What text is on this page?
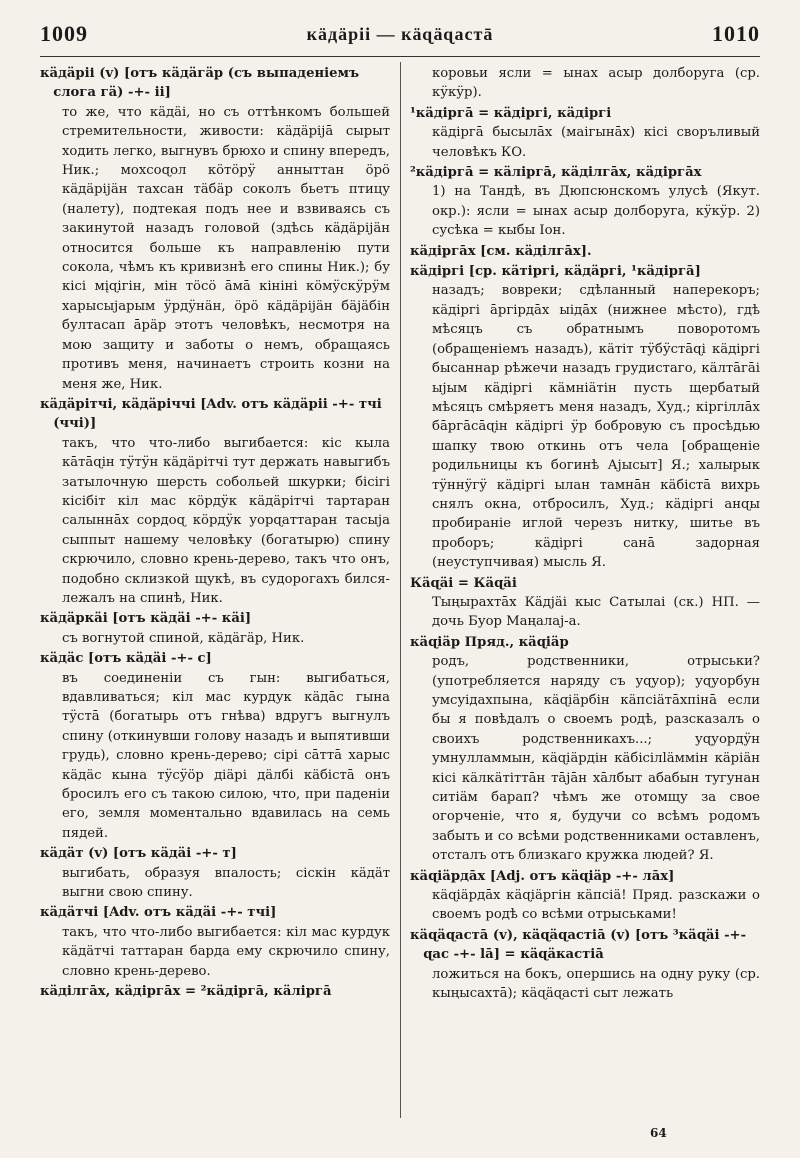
1009	кäдäрiі — кäɋäɋастā	1010
кäдäрiі (v) [отъ кäдäгäр (съ выпаденiемъ слога гä) -+- ii]
то же, что кäдäi, но съ оттѣнкомъ большей стремительности, живости: кäдäрiјā сырыт ходить легко, выгнувъ брюхо и спину впередъ, Ник.; мохсоɋол кӧтӧрӱ анныттан ӧрӧ кäдäрiјäн тахсан тäбäр соколъ бьетъ птицу (налету), подтекая подъ нее и взвиваясь съ закинутой назадъ головой (здѣсь кäдäрiјäн относится больше къ направленiю пути сокола, чѣмъ къ кривизнѣ его спины Ник.); бу кiсi мįɋiгiн, мiн тӧсӧ āмā кiнiнi кӧмӱскӱрӱм харысыјарым ӱрдӱнäн, ӧрӧ кäдäрiјäн бäјäбiн бултасап āрäр этотъ человѣкъ, несмотря на мою защиту и заботы о немъ, обращаясь противъ меня, начинаетъ строить козни на меня же, Ник.
кäдäрiтчi, кäдäрiччi [Adv. отъ кäдäрii -+- тчi (ччi)]
такъ, что что-либо выгибается: кiс кыла кāтāɋiн тӱтӱн кäдäрiтчi тут держать навыгибъ затылочную шерсть собольей шкурки; бiсiгi кiсiбiт кiл мас кӧрдӱк кäдäрiтчi тартаран салыннāх сордоɋ кӧрдӱк уорɋаттаран тасыја сыппыт нашему человѣку (богатырю) спину скрючило, словно крень-дерево, такъ что онъ, подобно склизкой щукѣ, въ судорогахъ бился-лежалъ на спинѣ, Ник.
кäдäркäi [отъ кäдäi -+- кäi]
съ вогнутой спиной, кäдäгäр, Ник.
кäдäс [отъ кäдäi -+- с]
въ соединенiи съ гын: выгибаться, вдавливаться; кiл мас курдук кäдāс гына тӱстā (богатырь отъ гнѣва) вдругъ выгнулъ спину (откинувши голову назадъ и выпятивши грудь), словно крень-дерево; сiрi сāттā харыс кäдäс кына тӱсӱӧр дiäрi дäлбi кäбiстā онъ бросилъ его съ такою силою, что, при паденiи его, земля моментально вдавилась на семь пядей.
кäдäт (v) [отъ кäдäi -+- т]
выгибать, образуя впалость; сiскiн кäдäт выгни свою спину.
кäдäтчi [Adv. отъ кäдäi -+- тчi]
такъ, что что-либо выгибается: кiл мас курдук кäдäтчi таттаран барда ему скрючило спину, словно крень-дерево.
кäдiлгāх, кäдiргāх = ²кäдiргā, кäлiргā
коровьи ясли = ынах асыр долборуга (ср. кӱкӱр).
¹кäдiргā = кäдiргi, кäдiргi
кäдiргā бысылāх (маiгынāх) кiсi своръливый человѣкъ КО.
²кäдiргā = кäлiргā, кäдiлгāх, кäдiргāх
1) на Тандѣ, въ Дюпсюнскомъ улусѣ (Якут. окр.): ясли = ынах асыр долборуга, кӱкӱр. 2) сусѣка = кыбы Іон.
кäдiргāх [см. кäдiлгāх].
кäдiргi [ср. кäтiргi, кäдäргi, ¹кäдiргā]
назадъ; вовреки; сдѣланный наперекоръ; кäдiргi āргiрдāх ыiдāх (нижнее мѣсто), гдѣ мѣсяцъ съ обратнымъ поворотомъ (обращенiемъ назадъ), кäтiт тӱбӱстāɋi кäдiргi бысаннар рѣжечи назадъ грудистаго, кäлтāгāi ыјым кäдiргi кäмнiäтiн пусть щербатый мѣсяцъ смѣряетъ меня назадъ, Худ.; кiргiллāх бāргāсāɋiн кäдiргi ӱр бобровую съ просѣдью шапку твою откинь отъ чела [обращенiе родильницы къ богинѣ Ајысыт] Я.; халырык тӱннӱгӱ кäдiргi ылан тамнāн кäбiстā вихрь снялъ окна, отбросилъ, Худ.; кäдiргi анɋы пробиранiе иглой черезъ нитку, шитье въ проборъ; кäдiргi санā задорная (неуступчивая) мысль Я.
Кäɋäi = Кäɋäi
Тыңырахтāх Кäдjäi кыс Сатылаi (ск.) НП. — дочь Буор Маңалај-а.
кäɋiäр Пряд., кäɋiäр
родъ, родственники, отрыськи? (употребляется наряду съ уɋуор); уɋуорбун умсуiдахпына, кäɋiäрбiн кäпсiäтāхпiнā если бы я повѣдалъ о своемъ родѣ, разсказалъ о своихъ родственникахъ...; уɋуордӱн умнулламмын, кäɋiäрдiн кäбiсiлläммiн кäрiäн кiсi кäлкäтiттāн тāјāн хāлбыт абабын тугунан ситiäм барап? чѣмъ же отомщу за свое огорченiе, что я, будучи со всѣмъ родомъ забыть и со всѣми родственниками оставленъ, отсталъ отъ близкаго кружка людей? Я.
кäɋiäрдāх [Adj. отъ кäɋiäр -+- лāх]
кäɋiäрдāх кäɋiäргiн кäпсiä! Пряд. разскажи о своемъ родѣ со всѣми отрыськами!
кäɋäɋастā (v), кäɋäɋастiā (v) [отъ ³кäɋäi -+- ɋас -+- lā] = кäɋäкастiā
ложиться на бокъ, опершись на одну руку (ср. кыңысахтā); кäɋäɋастi сыт лежать
64
